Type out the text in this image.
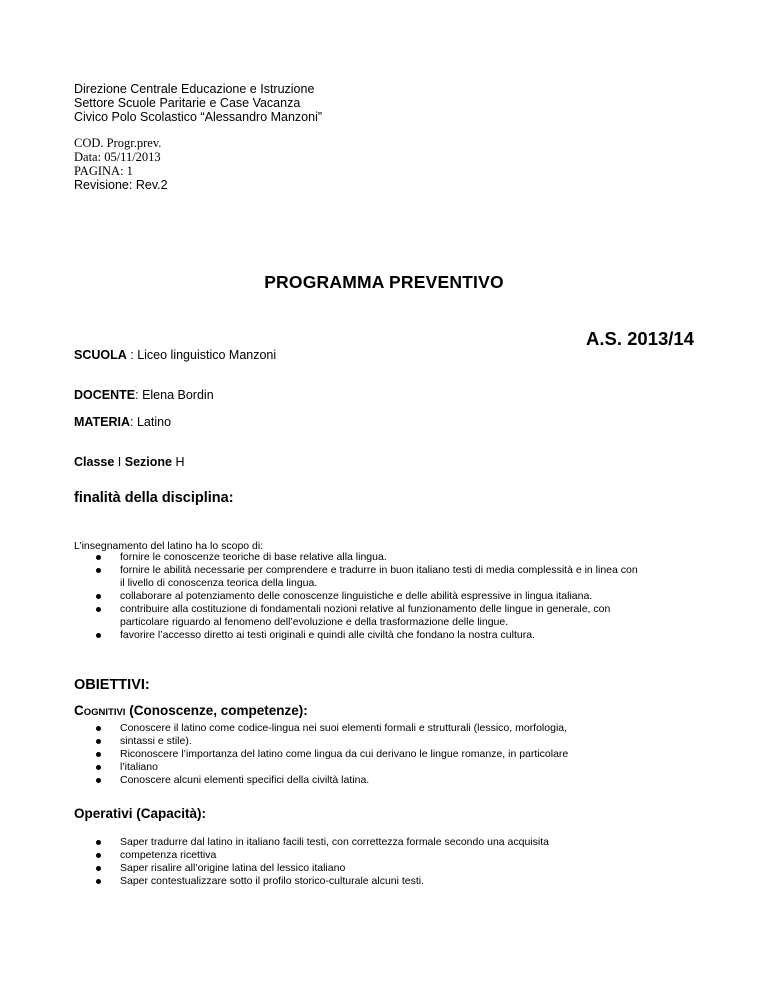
Direzione Centrale Educazione e Istruzione
Settore Scuole Paritarie e Case Vacanza
Civico Polo Scolastico “Alessandro Manzoni”
COD. Progr.prev.
Data: 05/11/2013
PAGINA: 1
Revisione: Rev.2
PROGRAMMA PREVENTIVO
A.S. 2013/14
SCUOLA : Liceo linguistico Manzoni
DOCENTE: Elena Bordin
MATERIA: Latino
Classe I Sezione H
finalità della disciplina:
L’insegnamento del latino ha lo scopo di:
fornire le conoscenze teoriche di base relative alla lingua.
fornire le abilità necessarie per comprendere e tradurre in buon italiano testi di media complessità e in linea con
il livello di conoscenza teorica della lingua.
collaborare al potenziamento delle conoscenze linguistiche e delle abilità espressive in lingua italiana.
contribuire alla costituzione di fondamentali nozioni relative al funzionamento delle lingue in generale, con
particolare riguardo al fenomeno dell’evoluzione e della trasformazione delle lingue.
favorire l’accesso diretto ai testi originali e quindi alle civiltà che fondano la nostra cultura.
OBIETTIVI:
COGNITIVI (Conoscenze, competenze):
Conoscere il latino come codice-lingua nei suoi elementi formali e strutturali (lessico, morfologia,
sintassi e stile).
Riconoscere l’importanza del latino come lingua da cui derivano le lingue romanze, in particolare
l’italiano
Conoscere alcuni elementi specifici della civiltà latina.
Operativi (Capacità):
Saper tradurre dal latino in italiano facili testi, con correttezza formale secondo una acquisita
competenza ricettiva
Saper risalire all’origine latina del lessico italiano
Saper contestualizzare sotto il profilo storico-culturale alcuni testi.
